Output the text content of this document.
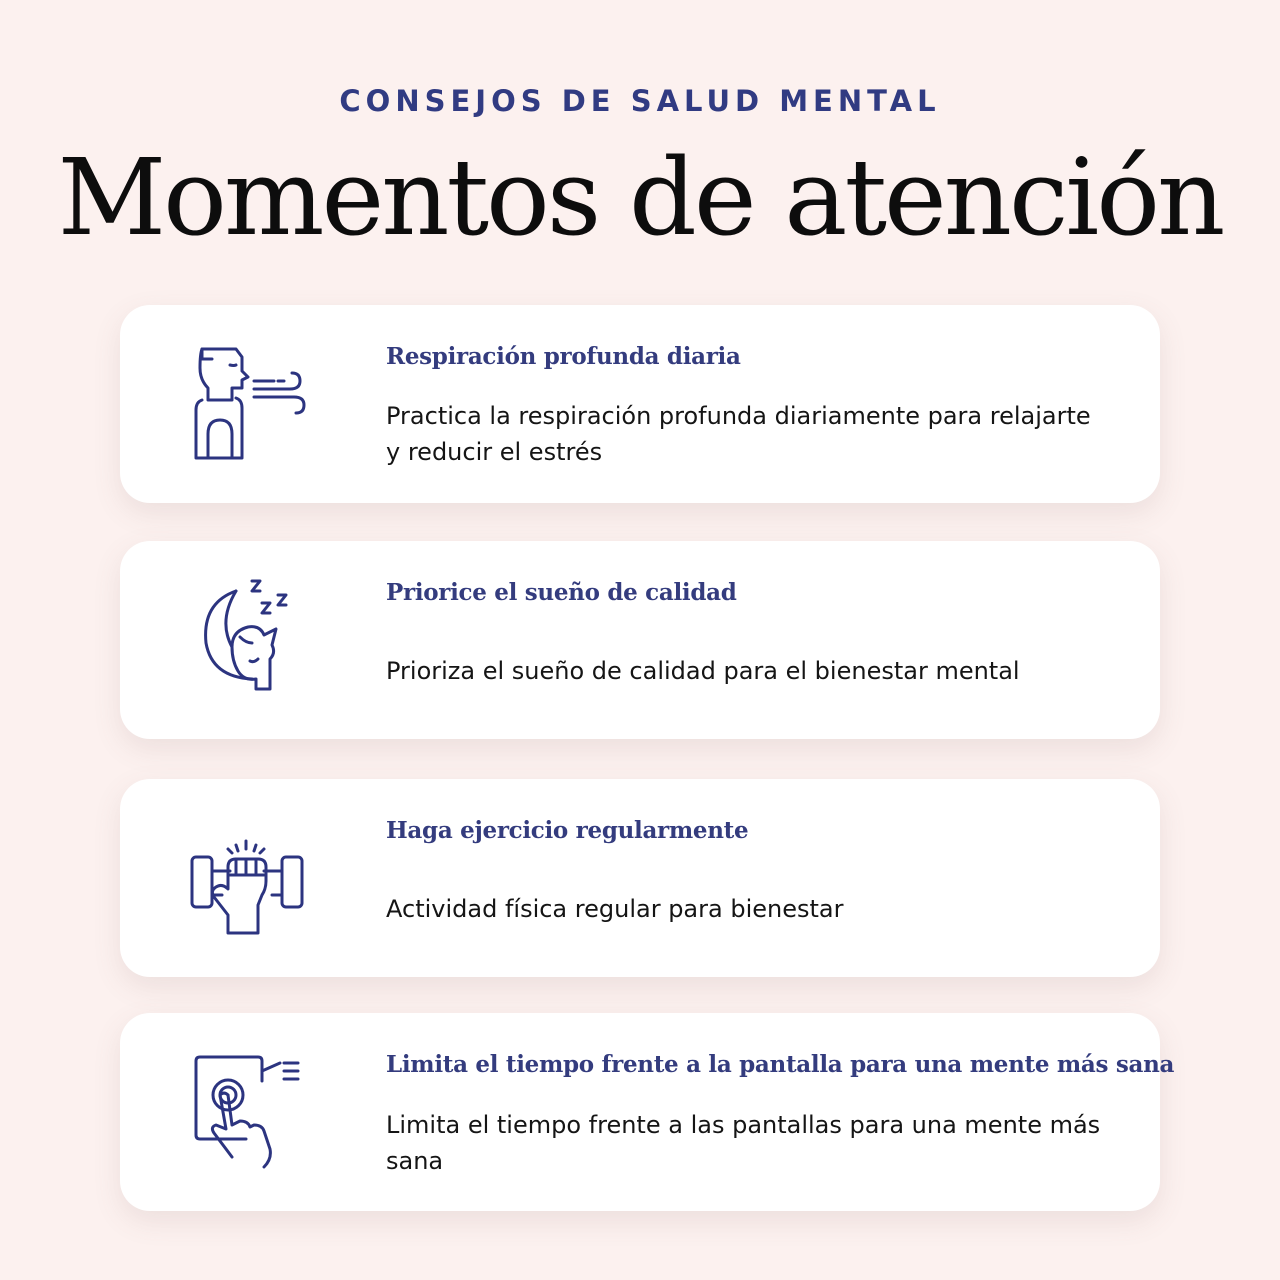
CONSEJOS DE SALUD MENTAL
Momentos de atención
Respiración profunda diaria
Practica la respiración profunda diariamente para relajarte y reducir el estrés
Priorice el sueño de calidad
Prioriza el sueño de calidad para el bienestar mental
Haga ejercicio regularmente
Actividad física regular para bienestar
Limita el tiempo frente a la pantalla para una mente más sana
Limita el tiempo frente a las pantallas para una mente más sana
